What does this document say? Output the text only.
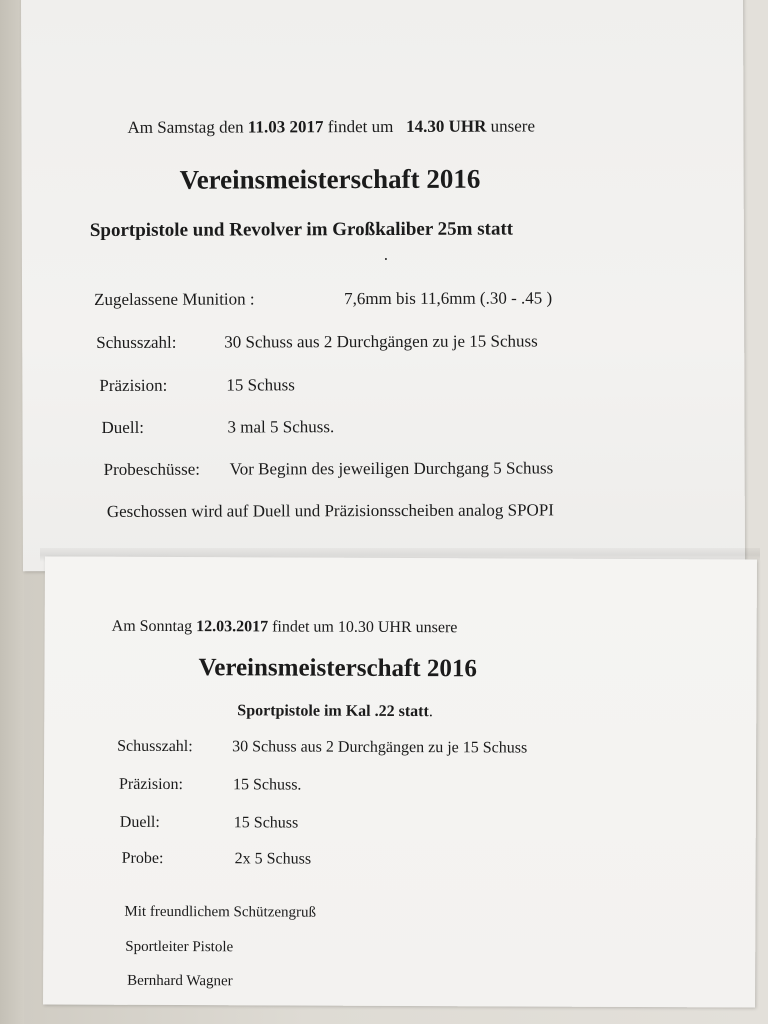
Am Samstag den 11.03 2017 findet um 14.30 UHR unsere
Vereinsmeisterschaft 2016
Sportpistole und Revolver im Großkaliber 25m statt
Zugelassene Munition :	7,6mm bis 11,6mm (.30 - .45 )
Schusszahl:	30 Schuss aus 2 Durchgängen zu je 15 Schuss
Präzision:	15 Schuss
Duell:	3 mal 5 Schuss.
Probeschüsse: Vor Beginn des jeweiligen Durchgang 5 Schuss
Geschossen wird auf Duell und Präzisionsscheiben analog SPOPI
Am Sonntag 12.03.2017 findet um 10.30 UHR unsere
Vereinsmeisterschaft 2016
Sportpistole im Kal .22 statt.
Schusszahl: 30 Schuss aus 2 Durchgängen zu je 15 Schuss
Präzision:	15 Schuss.
Duell:	15 Schuss
Probe:	2x 5 Schuss
Mit freundlichem Schützengruß
Sportleiter Pistole
Bernhard Wagner
